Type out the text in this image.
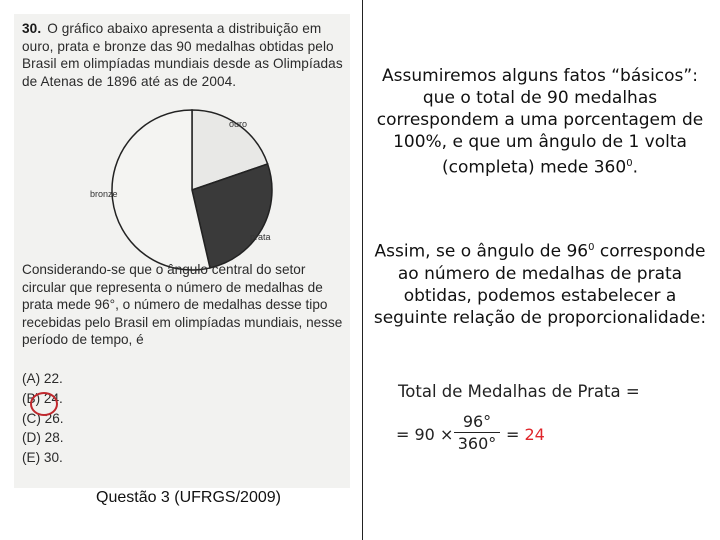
30. O gráfico abaixo apresenta a distribuição em ouro, prata e bronze das 90 medalhas obtidas pelo Brasil em olimpíadas mundiais desde as Olimpíadas de Atenas de 1896 até as de 2004.
ouro
prata
bronze
Considerando-se que o ângulo central do setor circular que representa o número de medalhas de prata mede 96°, o número de medalhas desse tipo recebidas pelo Brasil em olimpíadas mundiais, nesse período de tempo, é
(A) 22.
(B) 24.
(C) 26.
(D) 28.
(E) 30.
Questão 3 (UFRGS/2009)
Assumiremos alguns fatos “básicos”: que o total de 90 medalhas correspondem a uma porcentagem de 100%, e que um ângulo de 1 volta (completa) mede $360^0$.
Assim, se o ângulo de $96^0$ corresponde ao número de medalhas de prata obtidas, podemos estabelecer a seguinte relação de proporcionalidade:
Total de Medalhas de Prata =
= $90 \times \frac{96^\circ}{360^\circ} = 24$
